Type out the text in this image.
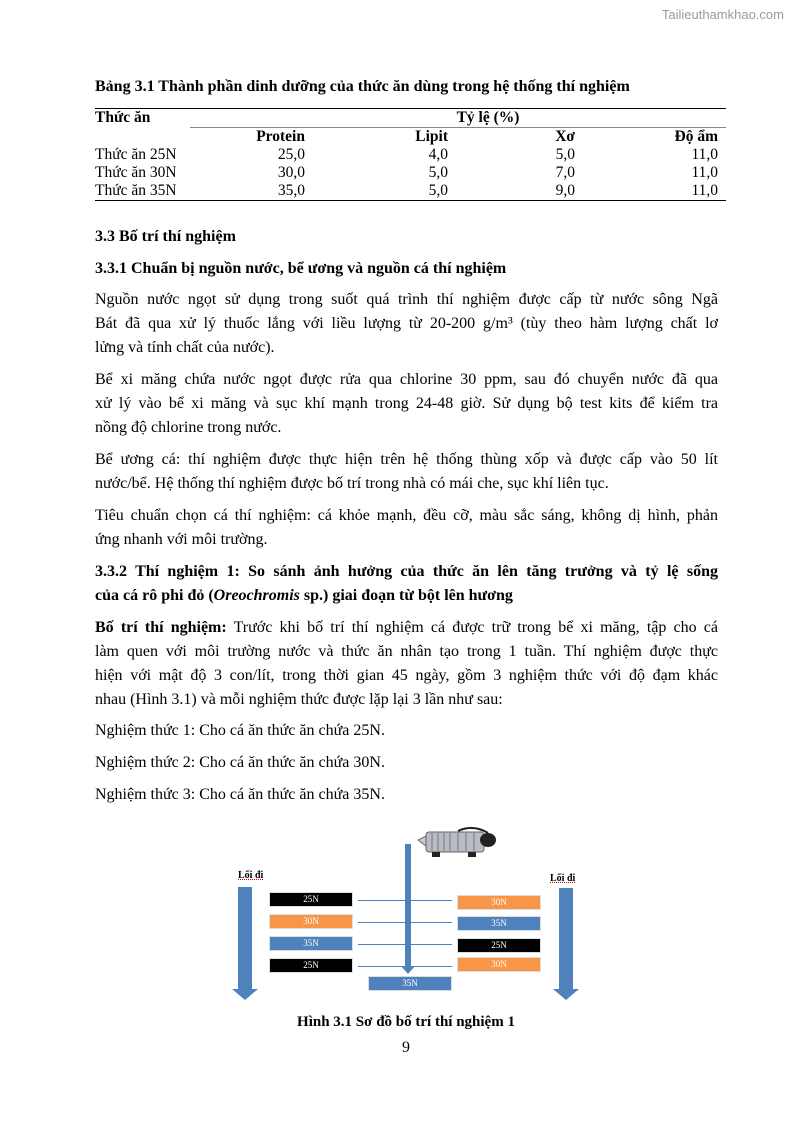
Tailieuthamkhao.com
Bảng 3.1 Thành phần dinh dưỡng của thức ăn dùng trong hệ thống thí nghiệm
Thức ăn	Tỷ lệ (%)			
	Protein	Lipit	Xơ	Độ ẩm
Thức ăn 25N	25,0	4,0	5,0	11,0
Thức ăn 30N	30,0	5,0	7,0	11,0
Thức ăn 35N	35,0	5,0	9,0	11,0
3.3 Bố trí thí nghiệm
3.3.1 Chuẩn bị nguồn nước, bể ương và nguồn cá thí nghiệm
Nguồn nước ngọt sử dụng trong suốt quá trình thí nghiệm được cấp từ nước sông Ngã
Bát đã qua xử lý thuốc lắng với liều lượng từ 20-200 g/m³ (tùy theo hàm lượng chất lơ
lửng và tính chất của nước).
Bể xi măng chứa nước ngọt được rửa qua chlorine 30 ppm, sau đó chuyển nước đã qua
xử lý vào bể xi măng và sục khí mạnh trong 24-48 giờ. Sử dụng bộ test kits để kiểm tra
nồng độ chlorine trong nước.
Bể ương cá: thí nghiệm được thực hiện trên hệ thống thùng xốp và được cấp vào 50 lít
nước/bể. Hệ thống thí nghiệm được bố trí trong nhà có mái che, sục khí liên tục.
Tiêu chuẩn chọn cá thí nghiệm: cá khỏe mạnh, đều cỡ, màu sắc sáng, không dị hình, phản
ứng nhanh với môi trường.
3.3.2 Thí nghiệm 1: So sánh ảnh hưởng của thức ăn lên tăng trưởng và tỷ lệ sống
của cá rô phi đỏ (Oreochromis sp.) giai đoạn từ bột lên hương
Bố trí thí nghiệm: Trước khi bố trí thí nghiệm cá được trữ trong bể xi măng, tập cho cá
làm quen với môi trường nước và thức ăn nhân tạo trong 1 tuần. Thí nghiệm được thực
hiện với mật độ 3 con/lít, trong thời gian 45 ngày, gồm 3 nghiệm thức với độ đạm khác
nhau (Hình 3.1) và mỗi nghiệm thức được lặp lại 3 lần như sau:
Nghiệm thức 1: Cho cá ăn thức ăn chứa 25N.
Nghiệm thức 2: Cho cá ăn thức ăn chứa 30N.
Nghiệm thức 3: Cho cá ăn thức ăn chứa 35N.
Lối đi	Lối đi
25N
30N
35N
25N
30N
35N
25N
30N
35N
Hình 3.1 Sơ đồ bố trí thí nghiệm 1
9
